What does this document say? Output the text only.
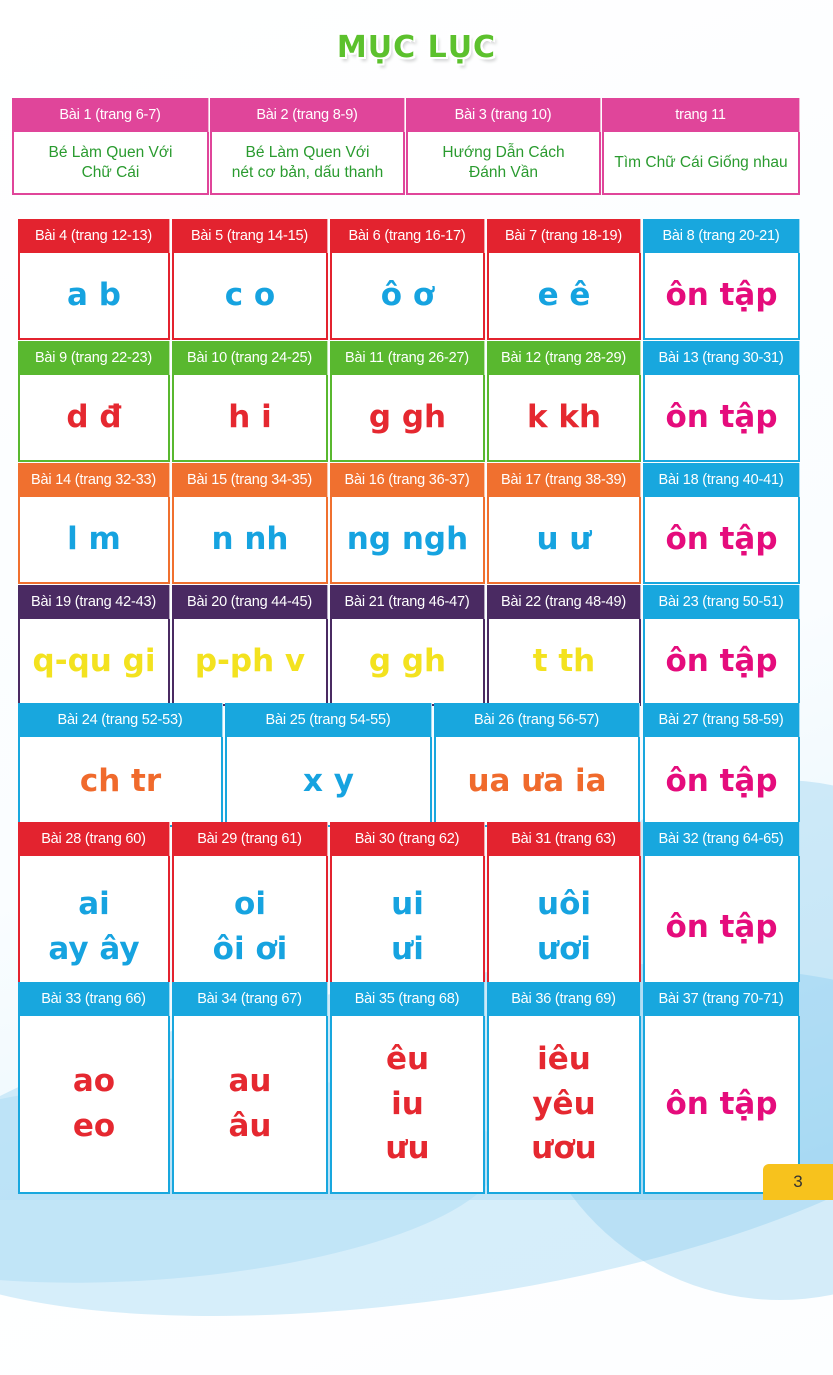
MỤC LỤC
Bài 1 (trang 6-7)
Bé Làm Quen Với
Chữ Cái
Bài 2 (trang 8-9)
Bé Làm Quen Với
nét cơ bản, dấu thanh
Bài 3 (trang 10)
Hướng Dẫn Cách
Đánh Vần
trang 11
Tìm Chữ Cái Giống nhau
Bài 4 (trang 12-13)
a b
Bài 5 (trang 14-15)
c o
Bài 6 (trang 16-17)
ô ơ
Bài 7 (trang 18-19)
e ê
Bài 8 (trang 20-21)
ôn tập
Bài 9 (trang 22-23)
d đ
Bài 10 (trang 24-25)
h i
Bài 11 (trang 26-27)
g gh
Bài 12 (trang 28-29)
k kh
Bài 13 (trang 30-31)
ôn tập
Bài 14 (trang 32-33)
l m
Bài 15 (trang 34-35)
n nh
Bài 16 (trang 36-37)
ng ngh
Bài 17 (trang 38-39)
u ư
Bài 18 (trang 40-41)
ôn tập
Bài 19 (trang 42-43)
q-qu gi
Bài 20 (trang 44-45)
p-ph v
Bài 21 (trang 46-47)
g gh
Bài 22 (trang 48-49)
t th
Bài 23 (trang 50-51)
ôn tập
Bài 24 (trang 52-53)
ch tr
Bài 25 (trang 54-55)
x y
Bài 26 (trang 56-57)
ua ưa ia
Bài 27 (trang 58-59)
ôn tập
Bài 28 (trang 60)
ai
ay ây
Bài 29 (trang 61)
oi
ôi ơi
Bài 30 (trang 62)
ui
ưi
Bài 31 (trang 63)
uôi
ươi
Bài 32 (trang 64-65)
ôn tập
Bài 33 (trang 66)
ao
eo
Bài 34 (trang 67)
au
âu
Bài 35 (trang 68)
êu
iu
ưu
Bài 36 (trang 69)
iêu
yêu
ươu
Bài 37 (trang 70-71)
ôn tập
3
